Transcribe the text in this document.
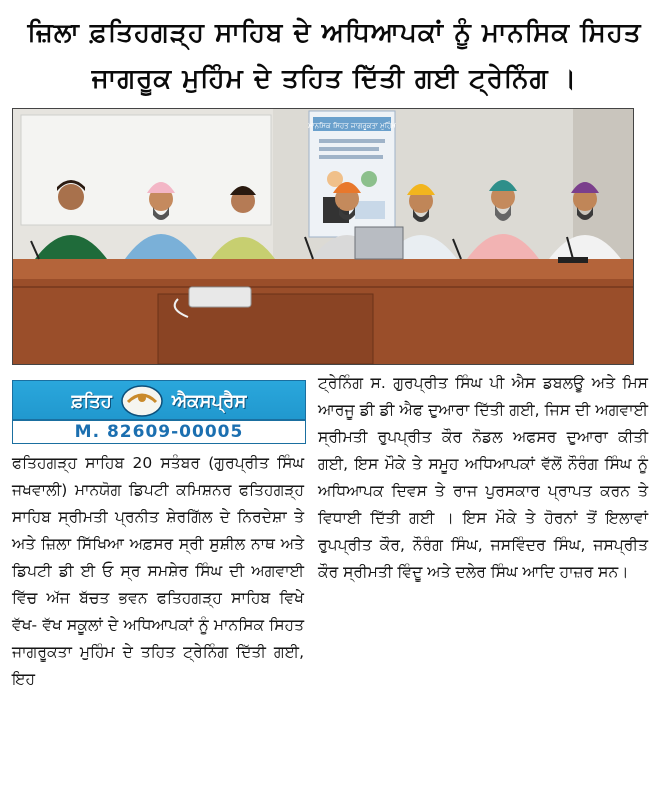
ਜ਼ਿਲਾ ਫ਼ਤਿਹਗੜ੍ਹ ਸਾਹਿਬ ਦੇ ਅਧਿਆਪਕਾਂ ਨੂੰ ਮਾਨਸਿਕ ਸਿਹਤ
ਜਾਗਰੂਕ ਮੁਹਿੰਮ ਦੇ ਤਹਿਤ ਦਿੱਤੀ ਗਈ ਟ੍ਰੇਨਿੰਗ ।
ਮਾਨਸਿਕ ਸਿਹਤ ਜਾਗਰੂਕਤਾ ਮੁਹਿੰਮ
ਫ਼ਤਿਹ	ਐਕਸਪ੍ਰੈਸ
M. 82609-00005
ਫਤਿਹਗੜ੍ਹ ਸਾਹਿਬ 20 ਸਤੰਬਰ (ਗੁਰਪ੍ਰੀਤ ਸਿੰਘ ਜਖਵਾਲੀ) ਮਾਨਯੋਗ ਡਿਪਟੀ ਕਮਿਸ਼ਨਰ ਫਤਿਹਗੜ੍ਹ ਸਾਹਿਬ ਸ੍ਰੀਮਤੀ ਪ੍ਰਨੀਤ ਸ਼ੇਰਗਿੱਲ ਦੇ ਨਿਰਦੇਸ਼ਾ ਤੇ ਅਤੇ ਜ਼ਿਲਾ ਸਿੱਖਿਆ ਅਫ਼ਸਰ ਸ੍ਰੀ ਸੁਸ਼ੀਲ ਨਾਥ ਅਤੇ ਡਿਪਟੀ ਡੀ ਈ ਓ ਸ੍ਰ ਸਮਸ਼ੇਰ ਸਿੰਘ ਦੀ ਅਗਵਾਈ ਵਿੱਚ ਅੱਜ ਬੱਚਤ ਭਵਨ ਫਤਿਹਗੜ੍ਹ ਸਾਹਿਬ ਵਿਖੇ ਵੱਖ- ਵੱਖ ਸਕੂਲਾਂ ਦੇ ਅਧਿਆਪਕਾਂ ਨੂੰ ਮਾਨਸਿਕ ਸਿਹਤ ਜਾਗਰੂਕਤਾ ਮੁਹਿੰਮ ਦੇ ਤਹਿਤ ਟ੍ਰੇਨਿੰਗ ਦਿੱਤੀ ਗਈ, ਇਹ
ਟ੍ਰੇਨਿੰਗ ਸ. ਗੁਰਪ੍ਰੀਤ ਸਿੰਘ ਪੀ ਐਸ ਡਬਲਊ ਅਤੇ ਮਿਸ ਆਰਜੂ ਡੀ ਡੀ ਐਫ ਦੁਆਰਾ ਦਿੱਤੀ ਗਈ, ਜਿਸ ਦੀ ਅਗਵਾਈ ਸ੍ਰੀਮਤੀ ਰੁਪਪ੍ਰੀਤ ਕੌਰ ਨੋਡਲ ਅਫਸਰ ਦੁਆਰਾ ਕੀਤੀ ਗਈ, ਇਸ ਮੌਕੇ ਤੇ ਸਮੂਹ ਅਧਿਆਪਕਾਂ ਵੱਲੋਂ ਨੌਰੰਗ ਸਿੰਘ ਨੂੰ ਅਧਿਆਪਕ ਦਿਵਸ ਤੇ ਰਾਜ ਪੁਰਸਕਾਰ ਪ੍ਰਾਪਤ ਕਰਨ ਤੇ ਵਿਧਾਈ ਦਿੱਤੀ ਗਈ । ਇਸ ਮੌਕੇ ਤੇ ਹੋਰਨਾਂ ਤੋਂ ਇਲਾਵਾਂ ਰੁਪਪ੍ਰੀਤ ਕੌਰ, ਨੌਰੰਗ ਸਿੰਘ, ਜਸਵਿੰਦਰ ਸਿੰਘ, ਜਸਪ੍ਰੀਤ ਕੌਰ ਸ੍ਰੀਮਤੀ ਵਿੰਦੂ ਅਤੇ ਦਲੇਰ ਸਿੰਘ ਆਦਿ ਹਾਜ਼ਰ ਸਨ।
